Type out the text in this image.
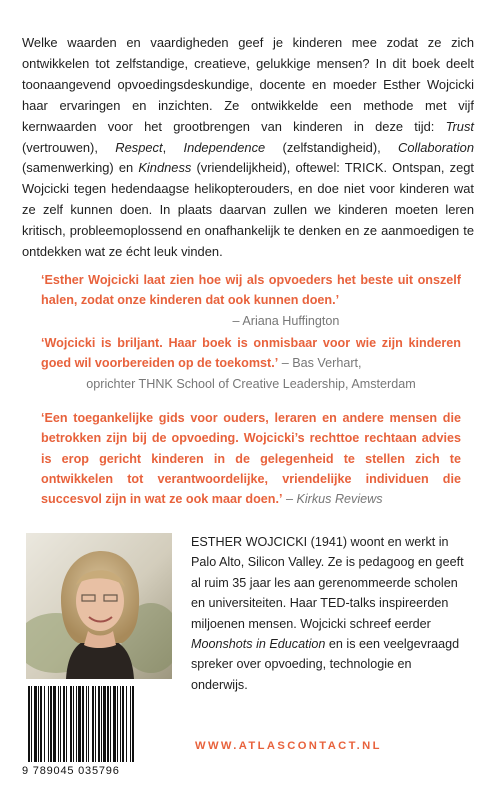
Welke waarden en vaardigheden geef je kinderen mee zodat ze zich ontwikkelen tot zelfstandige, creatieve, gelukkige mensen? In dit boek deelt toonaangevend opvoedingsdeskundige, docente en moeder Esther Wojcicki haar ervaringen en inzichten. Ze ontwikkelde een methode met vijf kernwaarden voor het grootbrengen van kinderen in deze tijd: Trust (vertrouwen), Respect, Independence (zelfstandigheid), Collaboration (samenwerking) en Kindness (vriendelijkheid), oftewel: TRICK. Ontspan, zegt Wojcicki tegen hedendaagse helikopterouders, en doe niet voor kinderen wat ze zelf kunnen doen. In plaats daarvan zullen we kinderen moeten leren kritisch, probleemoplossend en onafhankelijk te denken en ze aanmoedigen te ontdekken wat ze écht leuk vinden.

‘Esther Wojcicki laat zien hoe wij als opvoeders het beste uit onszelf halen, zodat onze kinderen dat ook kunnen doen.’
– Ariana Huffington
‘Wojcicki is briljant. Haar boek is onmisbaar voor wie zijn kinderen goed wil voorbereiden op de toekomst.’ – Bas Verhart,
oprichter THNK School of Creative Leadership, Amsterdam
‘Een toegankelijke gids voor ouders, leraren en andere mensen die betrokken zijn bij de opvoeding. Wojcicki’s rechttoe rechtaan advies is erop gericht kinderen in de gelegenheid te stellen zich te ontwikkelen tot verantwoordelijke, vriendelijke individuen die succesvol zijn in wat ze ook maar doen.’ – Kirkus Reviews

ESTHER WOJCICKI (1941) woont en werkt in Palo Alto, Silicon Valley. Ze is pedagoog en geeft al ruim 35 jaar les aan gerenommeerde scholen en universiteiten. Haar TED-talks inspireerden miljoenen mensen. Wojcicki schreef eerder Moonshots in Education en is een veelgevraagd spreker over opvoeding, technologie en onderwijs.

9 789045 035796
WWW.ATLASCONTACT.NL
